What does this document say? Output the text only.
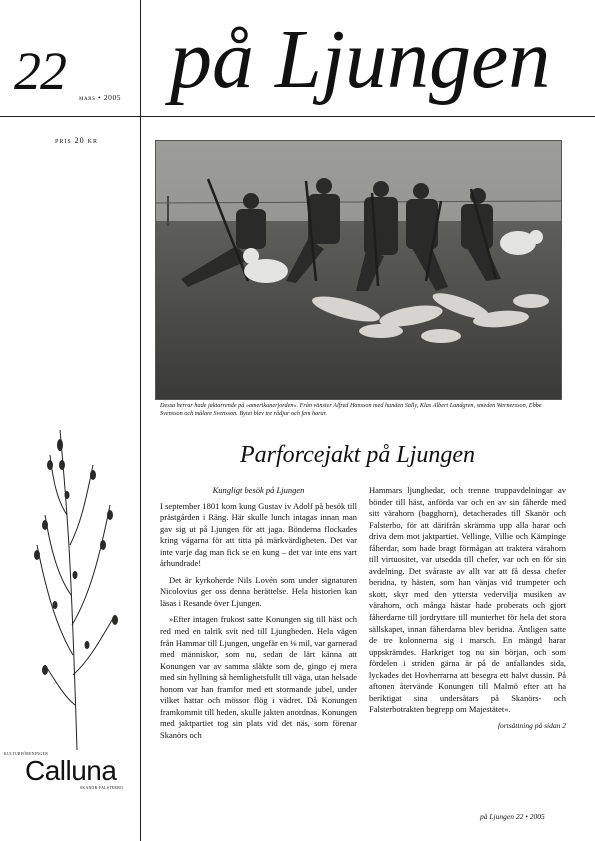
22 mars • 2005 på Ljungen
pris 20 kr
Dessa herrar hade jaktarrende på »amerikanerjorden«. Från vänster Alfred Hansson med hunden Sally, Klas Albert Landgren, smeden Wernersson, Ebbe Svensson och målare Svensson. Bytet blev tre rådjur och fem harar.
Parforcejakt på Ljungen
Kungligt besök på Ljungen

I september 1801 kom kung Gustav iv Adolf på besök till prästgården i Räng. Här skulle lunch intagas innan man gav sig ut på Ljungen för att jaga. Bönderna flockades kring vägarna för att titta på märkvärdigheten. Det var inte varje dag man fick se en kung – det var inte ens vart århundrade!

Det är kyrkoherde Nils Lovén som under signaturen Nicolovius ger oss denna berättelse. Hela historien kan läsas i Resande över Ljungen.

»Efter intagen frukost satte Konungen sig till häst och red med en talrik svit ned till Ljungheden. Hela vägen från Hammar till Ljungen, ungefär en ⅛ mil, var garnerad med människor, som nu, sedan de lärt känna att Konungen var av samma släkte som de, gingo ej mera med sin hyllning så hemlighetsfullt till väga, utan helsade honom var han framfor med ett stormande jubel, under vilket hattar och mössor flög i vädret. Då Konungen framkommit till heden, skulle jakten anordnas. Konungen med jaktpartiet tog sin plats vid det näs, som förenar Skanörs och

Hammars ljunghedar, och trenne truppavdelningar av bönder till häst, anförda var och en av sin fåherde med sitt värahorn (bagghorn), detacherades till Skanör och Falsterbo, för att därifrån skrämma upp alla harar och driva dem mot jaktpartiet. Vellinge, Villie och Kämpinge fåherdar, som hade bragt förmågan att traktera värahorn till virtuositet, var utsedda till chefer, var och en för sin avdelning. Det svåraste av allt var att få dessa chefer beridna, ty hästen, som han vänjas vid trumpeter och skott, skyr med den yttersta vedervilja musiken av värahorn, och många hästar hade proberats och gjort fåherdarne till jordryttare till munterhet för hela det stora sällskapet, innan fåherdarna blev beridna. Äntligen satte de tre kolonnerna sig i marsch. En mängd harar uppskrämdes. Harkriget tog nu sin början, och som fördelen i striden gärna är på de anfallandes sida, lyckades det Hovherrarna att besegra ett halvt dussin. På aftonen återvände Konungen till Malmö efter att ha beriktigat sina undersåtars på Skanörs- och Falsterbotrakten begrepp om Majestätet«.

fortsättning på sidan 2
KULTURFÖRENINGEN
Calluna
SKANÖR-FALSTERBO
på Ljungen 22 • 2005
